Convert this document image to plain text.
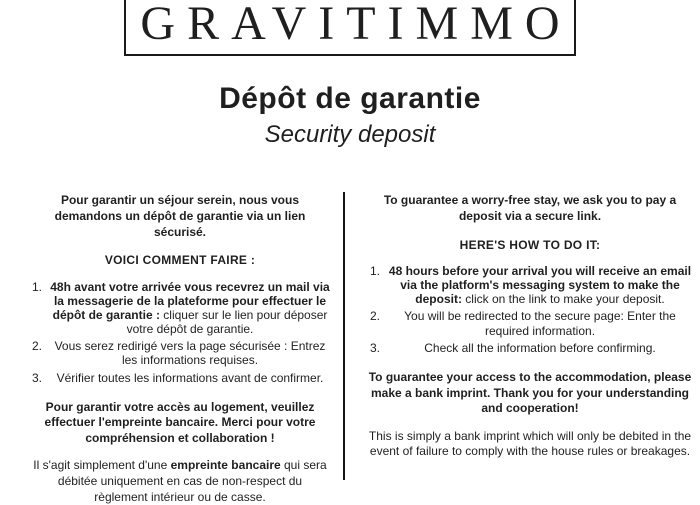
GRAVITIMMO
Dépôt de garantie
Security deposit

Pour garantir un séjour serein, nous vous demandons un dépôt de garantie via un lien sécurisé.

VOICI COMMENT FAIRE :
1. 48h avant votre arrivée vous recevrez un mail via la messagerie de la plateforme pour effectuer le dépôt de garantie : cliquer sur le lien pour déposer votre dépôt de garantie.
2. Vous serez redirigé vers la page sécurisée : Entrez les informations requises.
3. Vérifier toutes les informations avant de confirmer.

Pour garantir votre accès au logement, veuillez effectuer l'empreinte bancaire. Merci pour votre compréhension et collaboration !

Il s'agit simplement d'une empreinte bancaire qui sera débitée uniquement en cas de non-respect du règlement intérieur ou de casse.

To guarantee a worry-free stay, we ask you to pay a deposit via a secure link.

HERE'S HOW TO DO IT:
1. 48 hours before your arrival you will receive an email via the platform's messaging system to make the deposit: click on the link to make your deposit.
2. You will be redirected to the secure page: Enter the required information.
3.	Check all the information before confirming.

To guarantee your access to the accommodation, please make a bank imprint. Thank you for your understanding and cooperation!

This is simply a bank imprint which will only be debited in the event of failure to comply with the house rules or breakages.
